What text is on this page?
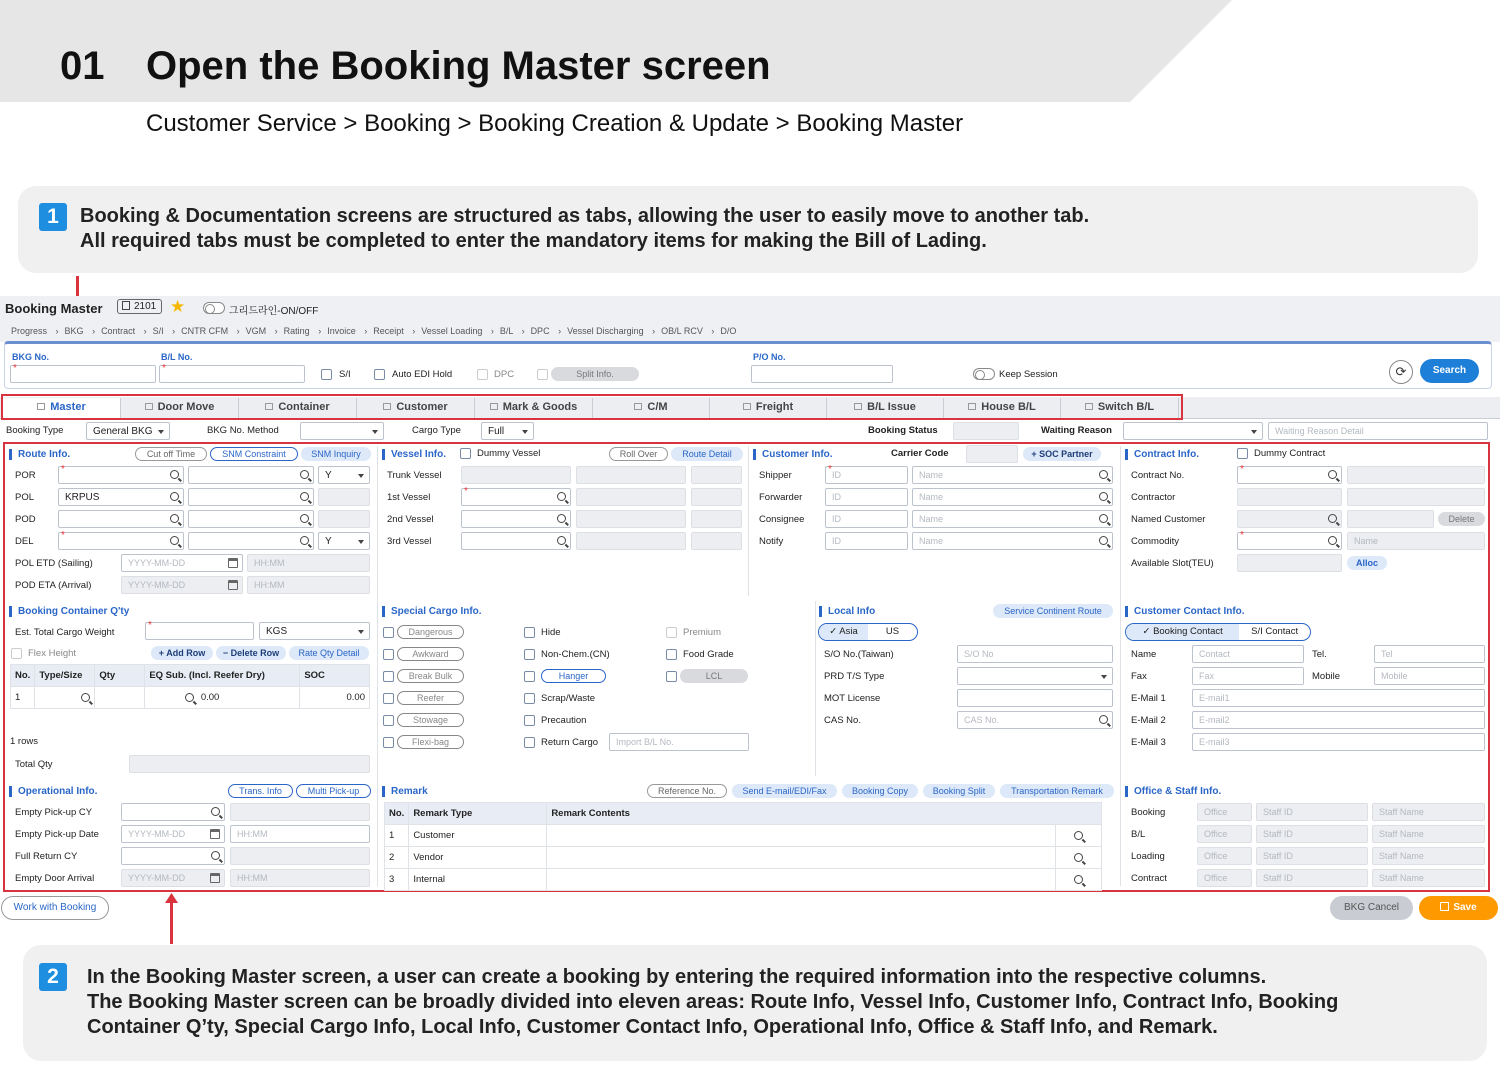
01 Open the Booking Master screen
Customer Service > Booking > Booking Creation & Update > Booking Master
1	Booking & Documentation screens are structured as tabs, allowing the user to easily move to another tab.
All required tabs must be completed to enter the mandatory items for making the Bill of Lading.
Booking Master	2101 ★	그리드라인-ON/OFF
Progress › BKG › Contract › S/I › CNTR CFM › VGM › Rating › Invoice › Receipt › Vessel Loading › B/L › DPC › Vessel Discharging › OB/L RCV › D/O
BKG No.
*
B/L No.
*
S/I	Auto EDI Hold	DPC	Split Info.
P/O No.
Keep Session	⟳	Search
Master	Door Move	Container	Customer	Mark & Goods	C/M	Freight	B/L Issue	House B/L	Switch B/L
Booking Type	General BKG	BKG No. Method	Cargo Type	Full	Booking Status	Waiting Reason	Waiting Reason Detail
Route Info.	Cut off Time	SNM Constraint	SNM Inquiry
POR
*
Y
POL	KRPUS
POD
DEL
*
Y
POL ETD (Sailing)	YYYY-MM-DD	HH:MM
POD ETA (Arrival)	YYYY-MM-DD	HH:MM
Vessel Info.	Dummy Vessel	Roll Over	Route Detail
Trunk Vessel
1st Vessel
*
2nd Vessel
3rd Vessel
Customer Info.	Carrier Code	+ SOC Partner
Shipper
* ID	Name
Forwarder	ID	Name
Consignee	ID	Name
Notify	ID	Name
Contract Info.	Dummy Contract
Contract No.
*
Contractor
Named Customer	Delete
Commodity
*	Name
Available Slot(TEU)	Alloc
Booking Container Q'ty
Est. Total Cargo Weight
*
KGS
Flex Height	+ Add Row	− Delete Row	Rate Qty Detail
No.	Type/Size	Qty	EQ Sub. (Incl. Reefer Dry)	SOC
1			0.00	0.00
1 rows
Total Qty
Special Cargo Info.
Dangerous
Awkward
Break Bulk
Reefer
Stowage
Flexi-bag
Hide
Non-Chem.(CN)
Hanger
Scrap/Waste
Precaution
Return Cargo Import B/L No.
Premium
Food Grade
LCL
Local Info	Service Continent Route
✓ Asia	US
S/O No.(Taiwan)	S/O No
PRD T/S Type
MOT License
CAS No.	CAS No.
Customer Contact Info.
✓ Booking Contact	S/I Contact
Name	Contact	Tel.	Tel
Fax	Fax	Mobile	Mobile
E-Mail 1	E-mail1
E-Mail 2	E-mail2
E-Mail 3	E-mail3
Operational Info.	Trans. Info	Multi Pick-up
Empty Pick-up CY
Empty Pick-up Date	YYYY-MM-DD	HH:MM
Full Return CY
Empty Door Arrival	YYYY-MM-DD	HH:MM
Remark	Reference No.	Send E-mail/EDI/Fax	Booking Copy	Booking Split	Transportation Remark
No.	Remark Type	Remark Contents	
1	Customer		

2	Vendor		

3	Internal		
Office & Staff Info.
Booking	Office	Staff ID	Staff Name
B/L	Office	Staff ID	Staff Name
Loading	Office	Staff ID	Staff Name
Contract	Office	Staff ID	Staff Name
Work with Booking	BKG Cancel	Save
2	In the Booking Master screen, a user can create a booking by entering the required information into the respective columns.
The Booking Master screen can be broadly divided into eleven areas: Route Info, Vessel Info, Customer Info, Contract Info, Booking
Container Q’ty, Special Cargo Info, Local Info, Customer Contact Info, Operational Info, Office & Staff Info, and Remark.
